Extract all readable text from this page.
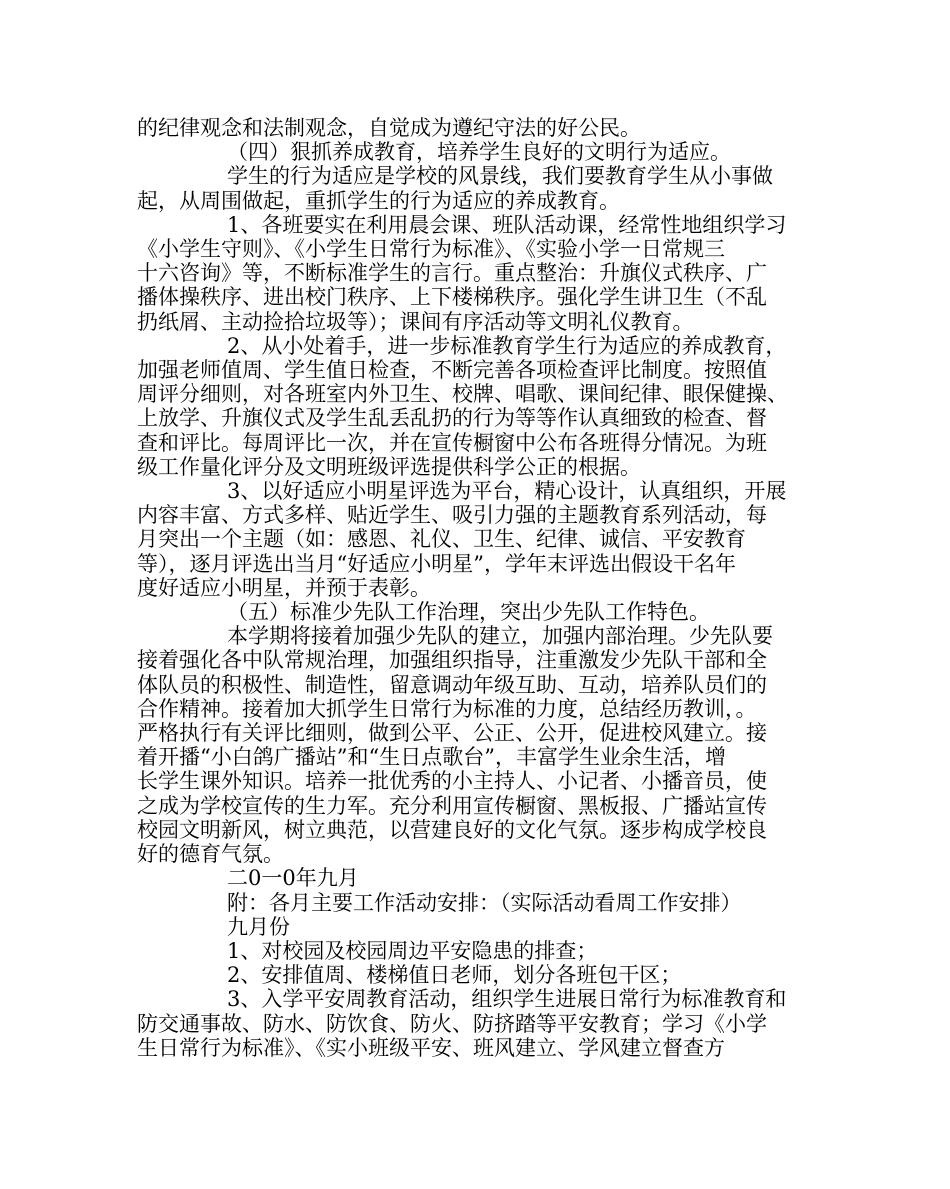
的纪律观念和法制观念，自觉成为遵纪守法的好公民。
（四）狠抓养成教育，培养学生良好的文明行为适应。
学生的行为适应是学校的风景线，我们要教育学生从小事做
起，从周围做起，重抓学生的行为适应的养成教育。
1、各班要实在利用晨会课、班队活动课，经常性地组织学习
《小学生守则》、《小学生日常行为标准》、《实验小学一日常规三
十六咨询》等，不断标准学生的言行。重点整治：升旗仪式秩序、广
播体操秩序、进出校门秩序、上下楼梯秩序。强化学生讲卫生（不乱
扔纸屑、主动捡拾垃圾等）；课间有序活动等文明礼仪教育。
2、从小处着手，进一步标准教育学生行为适应的养成教育，
加强老师值周、学生值日检查，不断完善各项检查评比制度。按照值
周评分细则，对各班室内外卫生、校牌、唱歌、课间纪律、眼保健操、
上放学、升旗仪式及学生乱丢乱扔的行为等等作认真细致的检查、督
查和评比。每周评比一次，并在宣传橱窗中公布各班得分情况。为班
级工作量化评分及文明班级评选提供科学公正的根据。
3、以好适应小明星评选为平台，精心设计，认真组织，开展
内容丰富、方式多样、贴近学生、吸引力强的主题教育系列活动，每
月突出一个主题（如：感恩、礼仪、卫生、纪律、诚信、平安教育
等），逐月评选出当月“好适应小明星”，学年末评选出假设干名年
度好适应小明星，并预于表彰。
（五）标准少先队工作治理，突出少先队工作特色。
本学期将接着加强少先队的建立，加强内部治理。少先队要
接着强化各中队常规治理，加强组织指导，注重激发少先队干部和全
体队员的积极性、制造性，留意调动年级互助、互动，培养队员们的
合作精神。接着加大抓学生日常行为标准的力度，总结经历教训，。
严格执行有关评比细则，做到公平、公正、公开，促进校风建立。接
着开播“小白鸽广播站”和“生日点歌台”，丰富学生业余生活，增
长学生课外知识。培养一批优秀的小主持人、小记者、小播音员，使
之成为学校宣传的生力军。充分利用宣传橱窗、黑板报、广播站宣传
校园文明新风，树立典范，以营建良好的文化气氛。逐步构成学校良
好的德育气氛。
二0一0年九月
附：各月主要工作活动安排：（实际活动看周工作安排）
九月份
1、对校园及校园周边平安隐患的排查；
2、安排值周、楼梯值日老师，划分各班包干区；
3、入学平安周教育活动，组织学生进展日常行为标准教育和
防交通事故、防水、防饮食、防火、防挤踏等平安教育；学习《小学
生日常行为标准》、《实小班级平安、班风建立、学风建立督查方
